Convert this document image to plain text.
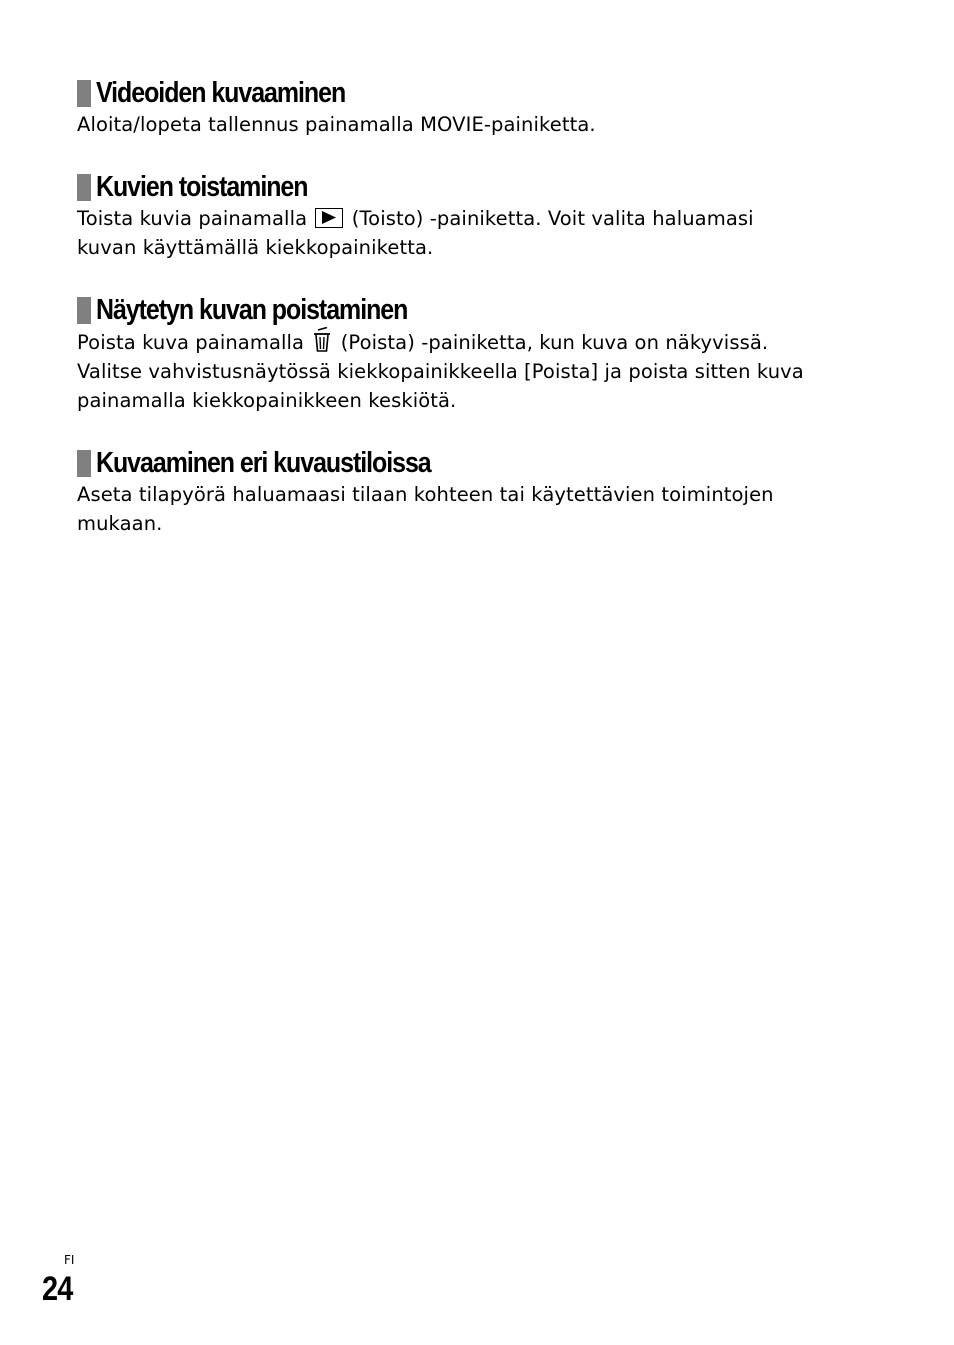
Videoiden kuvaaminen

Aloita/lopeta tallennus painamalla MOVIE-painiketta.

Kuvien toistaminen

Toista kuvia painamalla (Toisto) -painiketta. Voit valita haluamasi
kuvan käyttämällä kiekkopainiketta.

Näytetyn kuvan poistaminen

Poista kuva painamalla (Poista) -painiketta, kun kuva on näkyvissä.
Valitse vahvistusnäytössä kiekkopainikkeella [Poista] ja poista sitten kuva
painamalla kiekkopainikkeen keskiötä.

Kuvaaminen eri kuvaustiloissa

Aseta tilapyörä haluamaasi tilaan kohteen tai käytettävien toimintojen
mukaan.

FI
24
